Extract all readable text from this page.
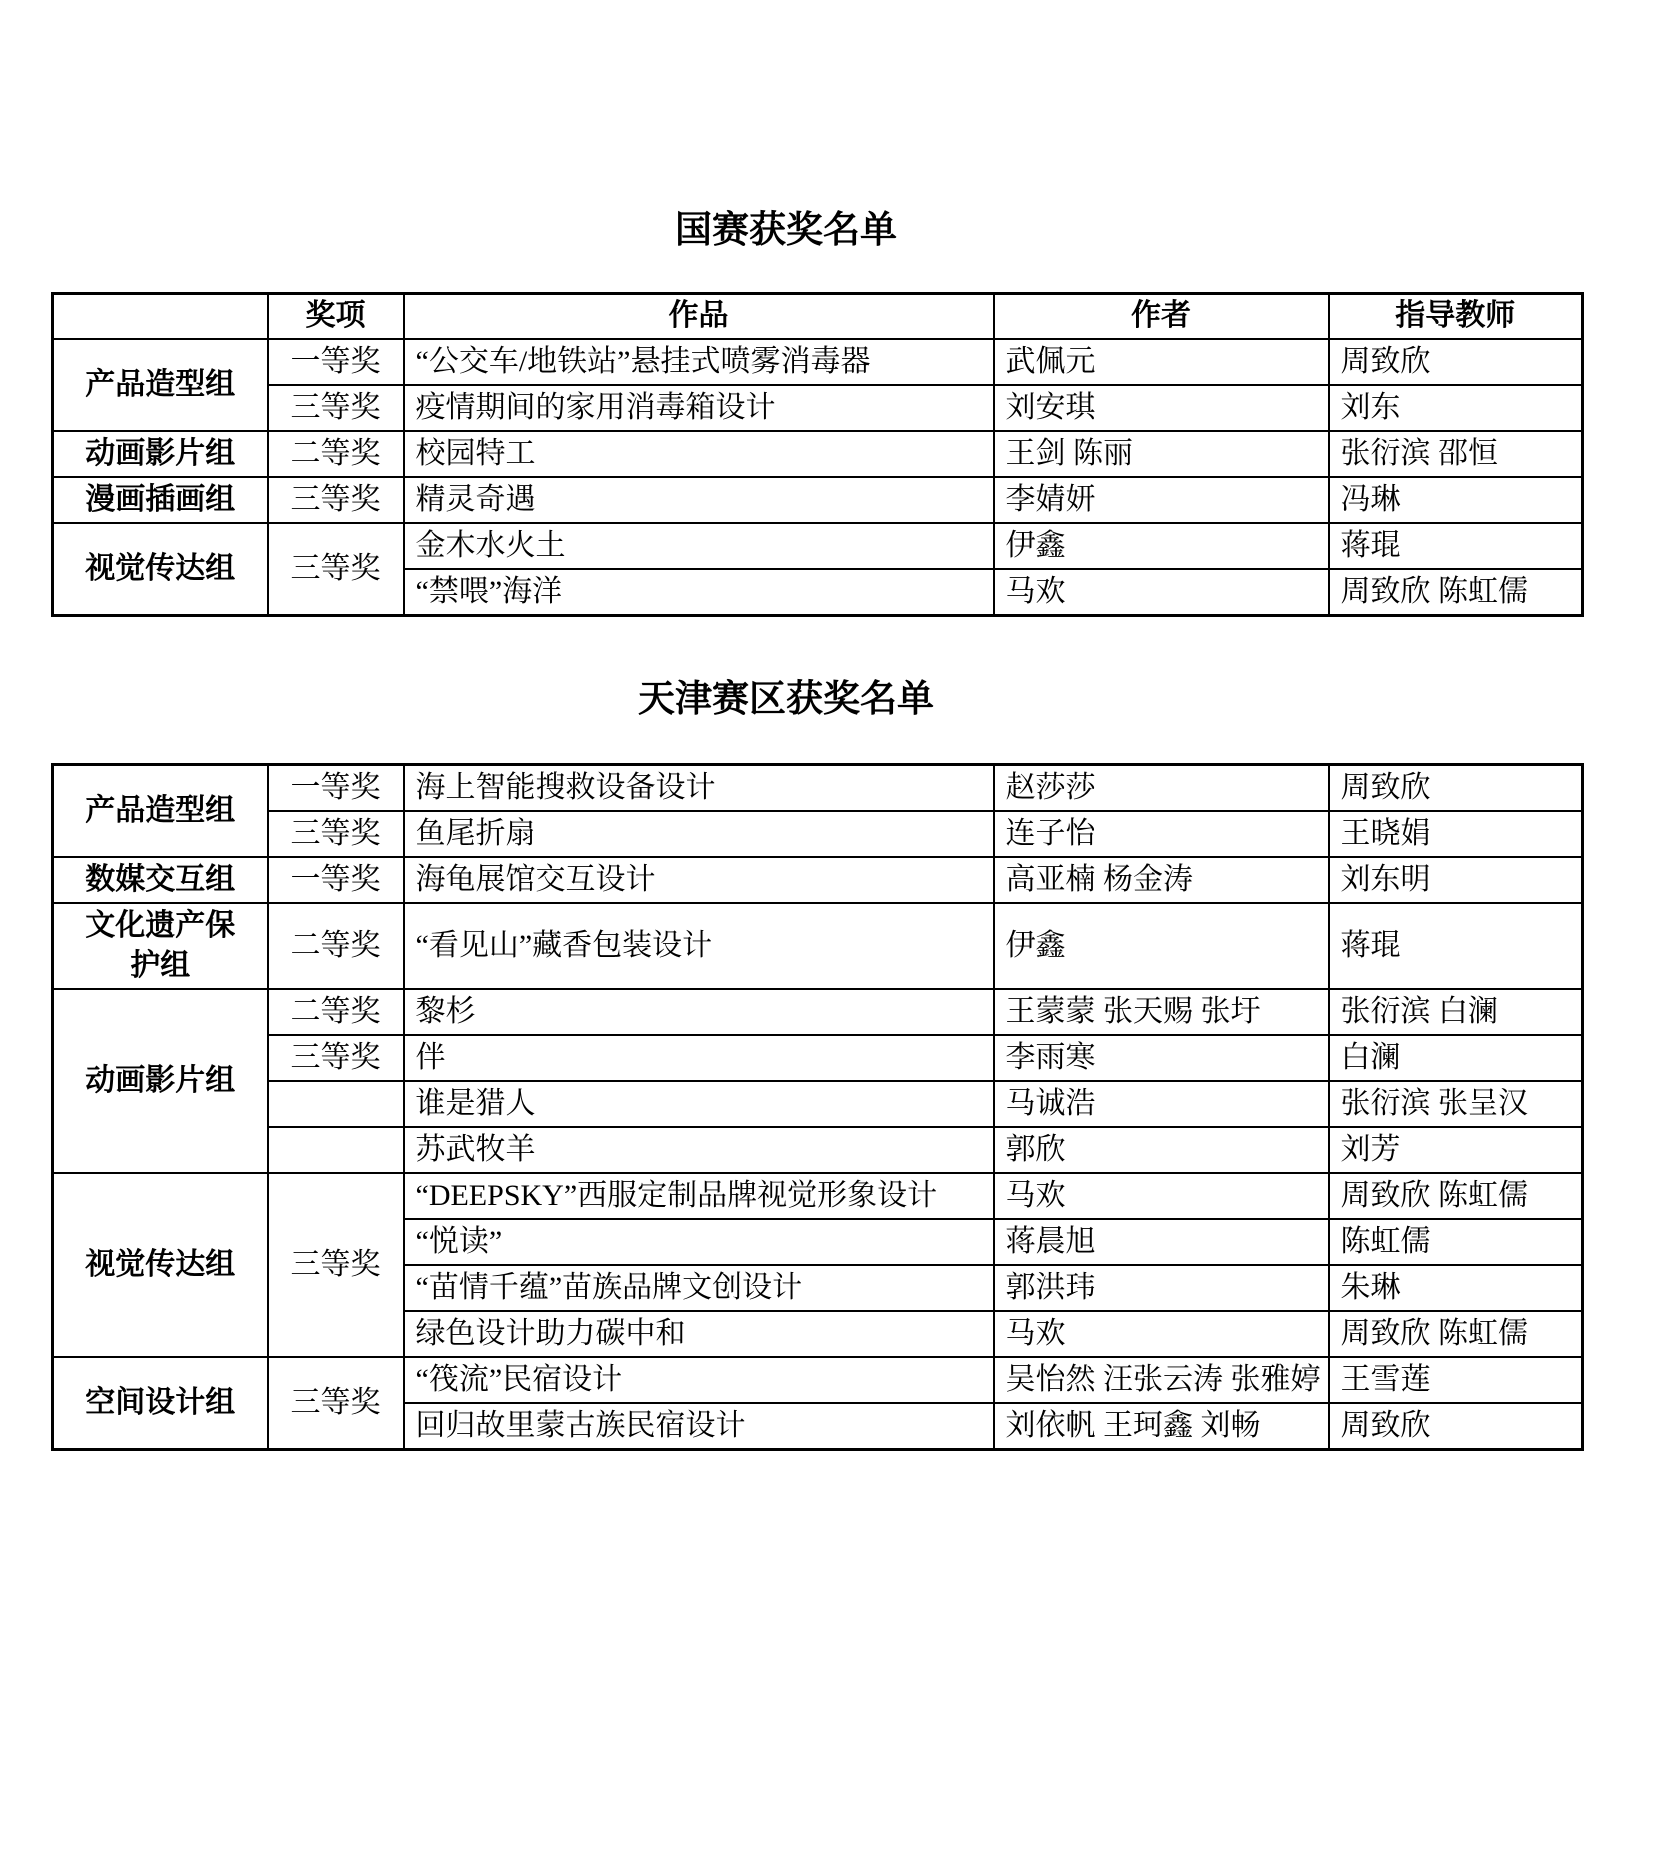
国赛获奖名单
	奖项	作品	作者	指导教师
产品造型组	一等奖	“公交车/地铁站”悬挂式喷雾消毒器	武佩元	周致欣
	三等奖	疫情期间的家用消毒箱设计	刘安琪	刘东
动画影片组	二等奖	校园特工	王剑 陈丽	张衍滨 邵恒
漫画插画组	三等奖	精灵奇遇	李婧妍	冯琳
视觉传达组	三等奖	金木水火土	伊鑫	蒋琨
		“禁喂”海洋	马欢	周致欣 陈虹儒
天津赛区获奖名单
产品造型组	一等奖	海上智能搜救设备设计	赵莎莎	周致欣
	三等奖	鱼尾折扇	连子怡	王晓娟
数媒交互组	一等奖	海龟展馆交互设计	高亚楠 杨金涛	刘东明
文化遗产保护组	二等奖	“看见山”藏香包装设计	伊鑫	蒋琨
动画影片组	二等奖	黎杉	王蒙蒙 张天赐 张圩	张衍滨 白澜
	三等奖	伴	李雨寒	白澜
		谁是猎人	马诚浩	张衍滨 张呈汉
		苏武牧羊	郭欣	刘芳
视觉传达组	三等奖	“DEEPSKY”西服定制品牌视觉形象设计	马欢	周致欣 陈虹儒
		“悦读”	蒋晨旭	陈虹儒
		“苗情千蕴”苗族品牌文创设计	郭洪玮	朱琳
		绿色设计助力碳中和	马欢	周致欣 陈虹儒
空间设计组	三等奖	“筏流”民宿设计	吴怡然 汪张云涛 张雅婷	王雪莲
		回归故里蒙古族民宿设计	刘依帆 王珂鑫 刘畅	周致欣
